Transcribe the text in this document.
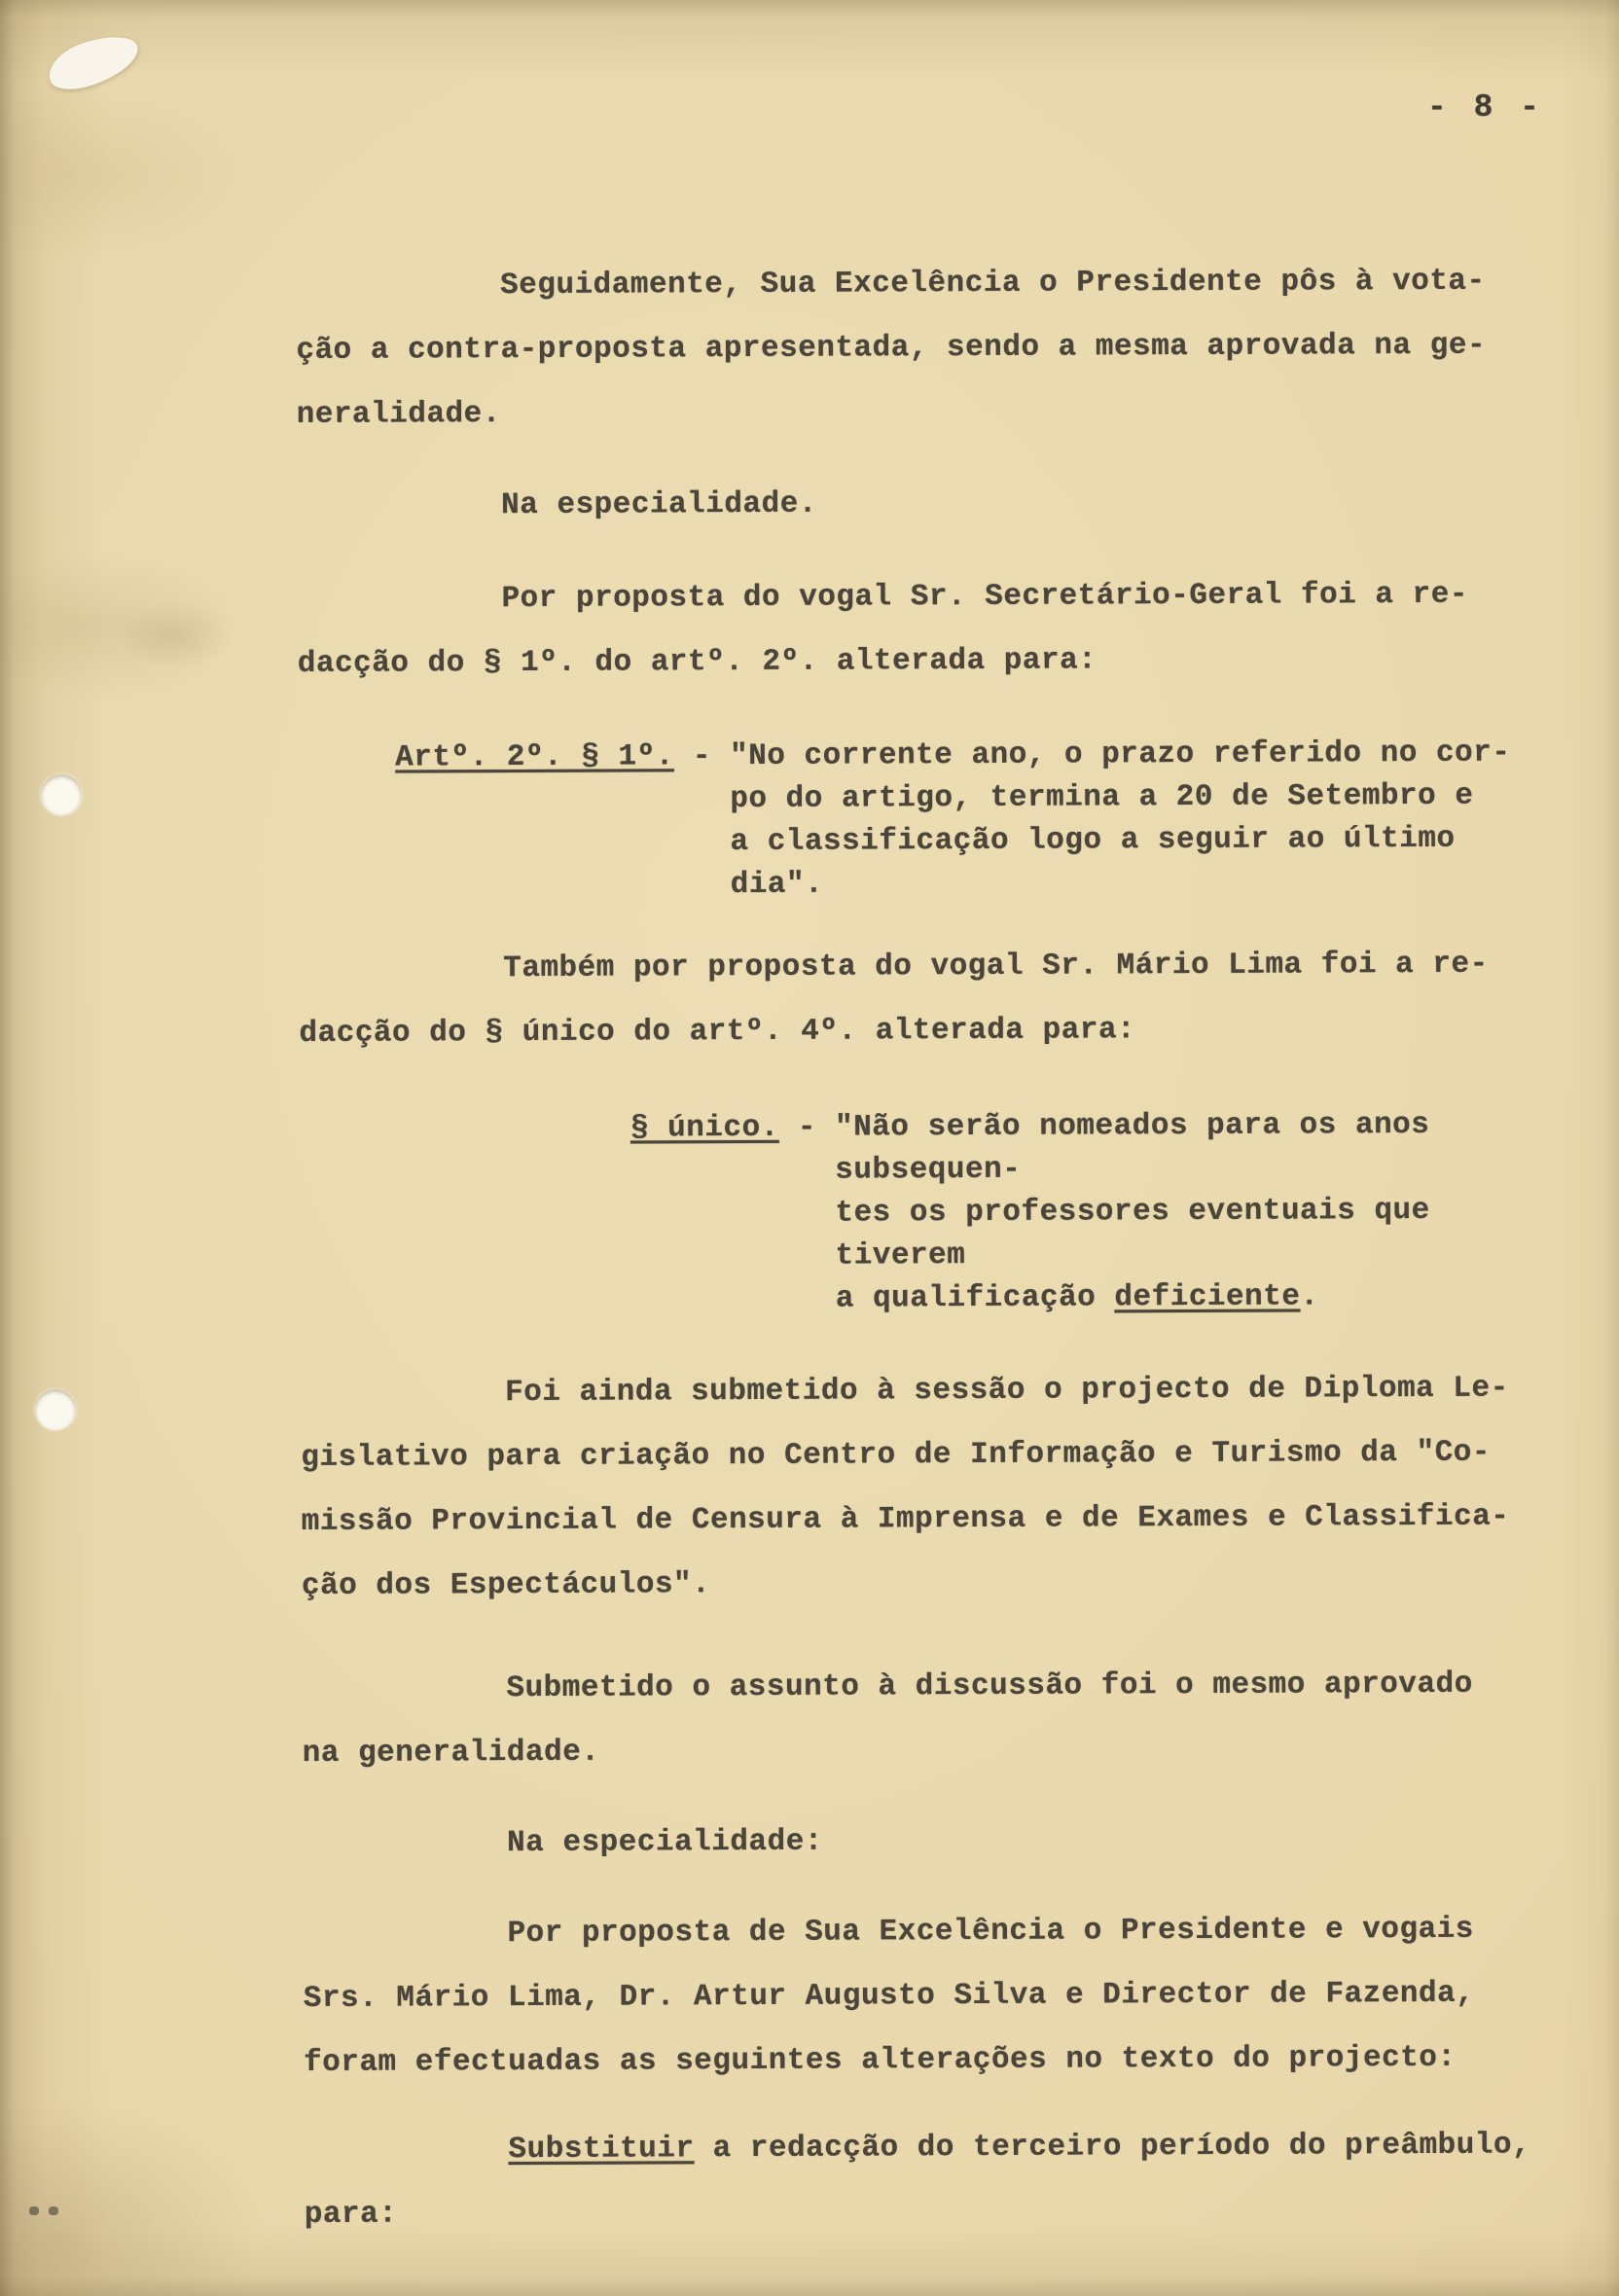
- 8 -
Seguidamente, Sua Excelência o Presidente pôs à vota-
ção a contra-proposta apresentada, sendo a mesma aprovada na ge-
neralidade.
Na especialidade.
Por proposta do vogal Sr. Secretário-Geral foi a re-
dacção do § 1º. do artº. 2º. alterada para:
Artº. 2º. § 1º. - "No corrente ano, o prazo referido no cor-
po do artigo, termina a 20 de Setembro e
a classificação logo a seguir ao último
dia".
Também por proposta do vogal Sr. Mário Lima foi a re-
dacção do § único do artº. 4º. alterada para:
§ único. - "Não serão nomeados para os anos subsequen-
tes os professores eventuais que tiverem
a qualificação deficiente.
Foi ainda submetido à sessão o projecto de Diploma Le-
gislativo para criação no Centro de Informação e Turismo da "Co-
missão Provincial de Censura à Imprensa e de Exames e Classifica-
ção dos Espectáculos".
Submetido o assunto à discussão foi o mesmo aprovado
na generalidade.
Na especialidade:
Por proposta de Sua Excelência o Presidente e vogais
Srs. Mário Lima, Dr. Artur Augusto Silva e Director de Fazenda,
foram efectuadas as seguintes alterações no texto do projecto:
Substituir a redacção do terceiro período do preâmbulo,
para:
